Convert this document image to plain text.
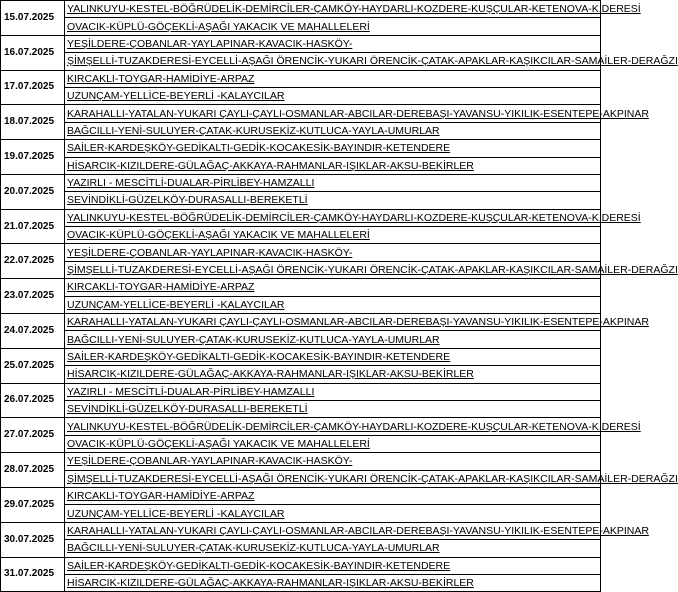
15.07.2025	YALINKUYU-KESTEL-BÖĞRÜDELİK-DEMİRCİLER-ÇAMKÖY-HAYDARLI-KOZDERE-KUŞÇULAR-KETENOVA-K.DERESİ
	OVACIK-KÜPLÜ-GÖÇEKLİ-AŞAĞI YAKACIK VE MAHALLELERİ
16.07.2025	YEŞİLDERE-ÇOBANLAR-YAYLAPINAR-KAVACIK-HASKÖY-
	ŞİMŞELLİ-TUZAKDERESİ-EYCELLİ-AŞAĞI ÖRENCİK-YUKARI ÖRENCİK-ÇATAK-APAKLAR-KAŞIKCILAR-SAMAİLER-DERAĞZI
17.07.2025	KIRCAKLI-TOYGAR-HAMİDİYE-ARPAZ
	UZUNÇAM-YELLİCE-BEYERLİ -KALAYCILAR
18.07.2025	KARAHALLI-YATALAN-YUKARI ÇAYLI-ÇAYLI-OSMANLAR-ABCILAR-DEREBAŞI-YAVANSU-YIKILIK-ESENTEPE-AKPINAR
	BAĞCILLI-YENİ-SULUYER-ÇATAK-KURUSEKİZ-KUTLUCA-YAYLA-UMURLAR
19.07.2025	SAİLER-KARDEŞKÖY-GEDİKALTI-GEDİK-KOCAKESİK-BAYINDIR-KETENDERE
	HİSARCIK-KIZILDERE-GÜLAĞAÇ-AKKAYA-RAHMANLAR-IŞIKLAR-AKSU-BEKİRLER
20.07.2025	YAZIRLI - MESCİTLİ-DUALAR-PİRLİBEY-HAMZALLI
	SEVİNDİKLİ-GÜZELKÖY-DURASALLI-BEREKETLİ
21.07.2025	YALINKUYU-KESTEL-BÖĞRÜDELİK-DEMİRCİLER-ÇAMKÖY-HAYDARLI-KOZDERE-KUŞÇULAR-KETENOVA-K.DERESİ
	OVACIK-KÜPLÜ-GÖÇEKLİ-AŞAĞI YAKACIK VE MAHALLELERİ
22.07.2025	YEŞİLDERE-ÇOBANLAR-YAYLAPINAR-KAVACIK-HASKÖY-
	ŞİMŞELLİ-TUZAKDERESİ-EYCELLİ-AŞAĞI ÖRENCİK-YUKARI ÖRENCİK-ÇATAK-APAKLAR-KAŞIKCILAR-SAMAİLER-DERAĞZI
23.07.2025	KIRCAKLI-TOYGAR-HAMİDİYE-ARPAZ
	UZUNÇAM-YELLİCE-BEYERLİ -KALAYCILAR
24.07.2025	KARAHALLI-YATALAN-YUKARI ÇAYLI-ÇAYLI-OSMANLAR-ABCILAR-DEREBAŞI-YAVANSU-YIKILIK-ESENTEPE-AKPINAR
	BAĞCILLI-YENİ-SULUYER-ÇATAK-KURUSEKİZ-KUTLUCA-YAYLA-UMURLAR
25.07.2025	SAİLER-KARDEŞKÖY-GEDİKALTI-GEDİK-KOCAKESİK-BAYINDIR-KETENDERE
	HİSARCIK-KIZILDERE-GÜLAĞAÇ-AKKAYA-RAHMANLAR-IŞIKLAR-AKSU-BEKİRLER
26.07.2025	YAZIRLI - MESCİTLİ-DUALAR-PİRLİBEY-HAMZALLI
	SEVİNDİKLİ-GÜZELKÖY-DURASALLI-BEREKETLİ
27.07.2025	YALINKUYU-KESTEL-BÖĞRÜDELİK-DEMİRCİLER-ÇAMKÖY-HAYDARLI-KOZDERE-KUŞÇULAR-KETENOVA-K.DERESİ
	OVACIK-KÜPLÜ-GÖÇEKLİ-AŞAĞI YAKACIK VE MAHALLELERİ
28.07.2025	YEŞİLDERE-ÇOBANLAR-YAYLAPINAR-KAVACIK-HASKÖY-
	ŞİMŞELLİ-TUZAKDERESİ-EYCELLİ-AŞAĞI ÖRENCİK-YUKARI ÖRENCİK-ÇATAK-APAKLAR-KAŞIKCILAR-SAMAİLER-DERAĞZI
29.07.2025	KIRCAKLI-TOYGAR-HAMİDİYE-ARPAZ
	UZUNÇAM-YELLİCE-BEYERLİ -KALAYCILAR
30.07.2025	KARAHALLI-YATALAN-YUKARI ÇAYLI-ÇAYLI-OSMANLAR-ABCILAR-DEREBAŞI-YAVANSU-YIKILIK-ESENTEPE-AKPINAR
	BAĞCILLI-YENİ-SULUYER-ÇATAK-KURUSEKİZ-KUTLUCA-YAYLA-UMURLAR
31.07.2025	SAİLER-KARDEŞKÖY-GEDİKALTI-GEDİK-KOCAKESİK-BAYINDIR-KETENDERE
	HİSARCIK-KIZILDERE-GÜLAĞAÇ-AKKAYA-RAHMANLAR-IŞIKLAR-AKSU-BEKİRLER
